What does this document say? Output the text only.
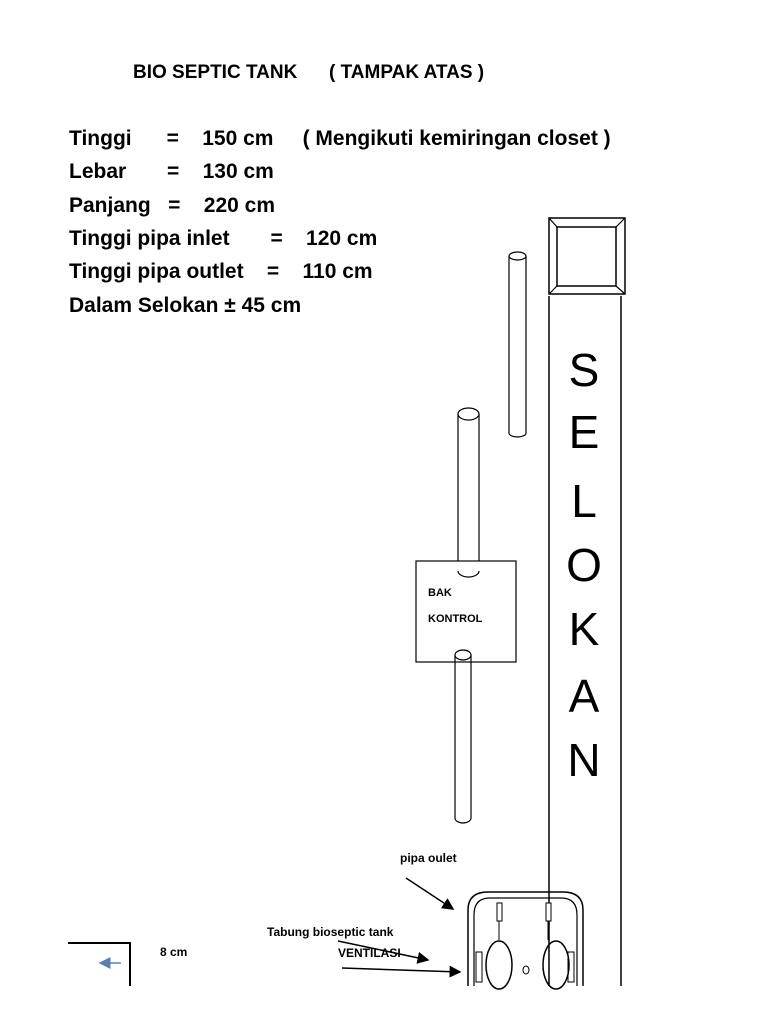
BIO SEPTIC TANK      ( TAMPAK ATAS )
Tinggi      =    150 cm     ( Mengikuti kemiringan closet )
Lebar       =    130 cm
Panjang   =    220 cm
Tinggi pipa inlet       =    120 cm
Tinggi pipa outlet    =    110 cm
Dalam Selokan ± 45 cm
BAK
KONTROL
pipa oulet
Tabung bioseptic tank
VENTILASI
8 cm
S
E
L
O
K
A
N
